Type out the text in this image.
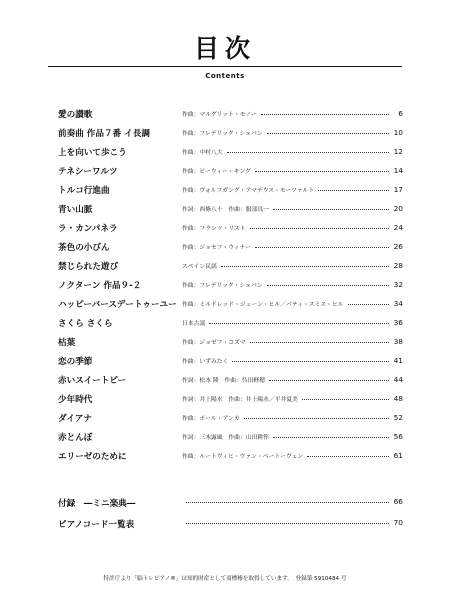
目次
Contents
愛の讃歌	作曲：マルグリット・モノー	6
前奏曲 作品７番 イ長調	作曲：フレデリック・ショパン	10
上を向いて歩こう	作曲：中村八大	12
テネシーワルツ	作曲：ピーウィー・キング	14
トルコ行進曲	作曲：ヴォルフガング・アマデウス・モーツァルト	17
青い山脈	作詞：西條八十　作曲：服部良一	20
ラ・カンパネラ	作曲：フランツ・リスト	24
茶色の小びん	作曲：ジョセフ・ウィナー	26
禁じられた遊び	スペイン民謡	28
ノクターン 作品９-２	作曲：フレデリック・ショパン	32
ハッピーバースデートゥーユー 作曲：ミルドレッド・ジェーン・ヒル／パティ・スミス・ヒル	34
さくら さくら	日本古謡	36
枯葉	作曲：ジョゼフ・コズマ	38
恋の季節	作曲：いずみたく	41
赤いスイートピー	作詞：松本 隆　作曲：呉田軽穂	44
少年時代	作詞：井上陽水　作曲：井上陽水／平井夏美	48
ダイアナ	作曲：ポール・アンカ	52
赤とんぼ	作詞：三木露風　作曲：山田耕筰	56
エリーゼのために	作曲：ルートヴィヒ・ヴァン・ベートーヴェン	61
付録　―ミニ楽典―	66
ピアノコード一覧表	70
特許庁より「脳トレピアノ®」は知的財産として商標権を取得しています。　登録第 5910484 号
